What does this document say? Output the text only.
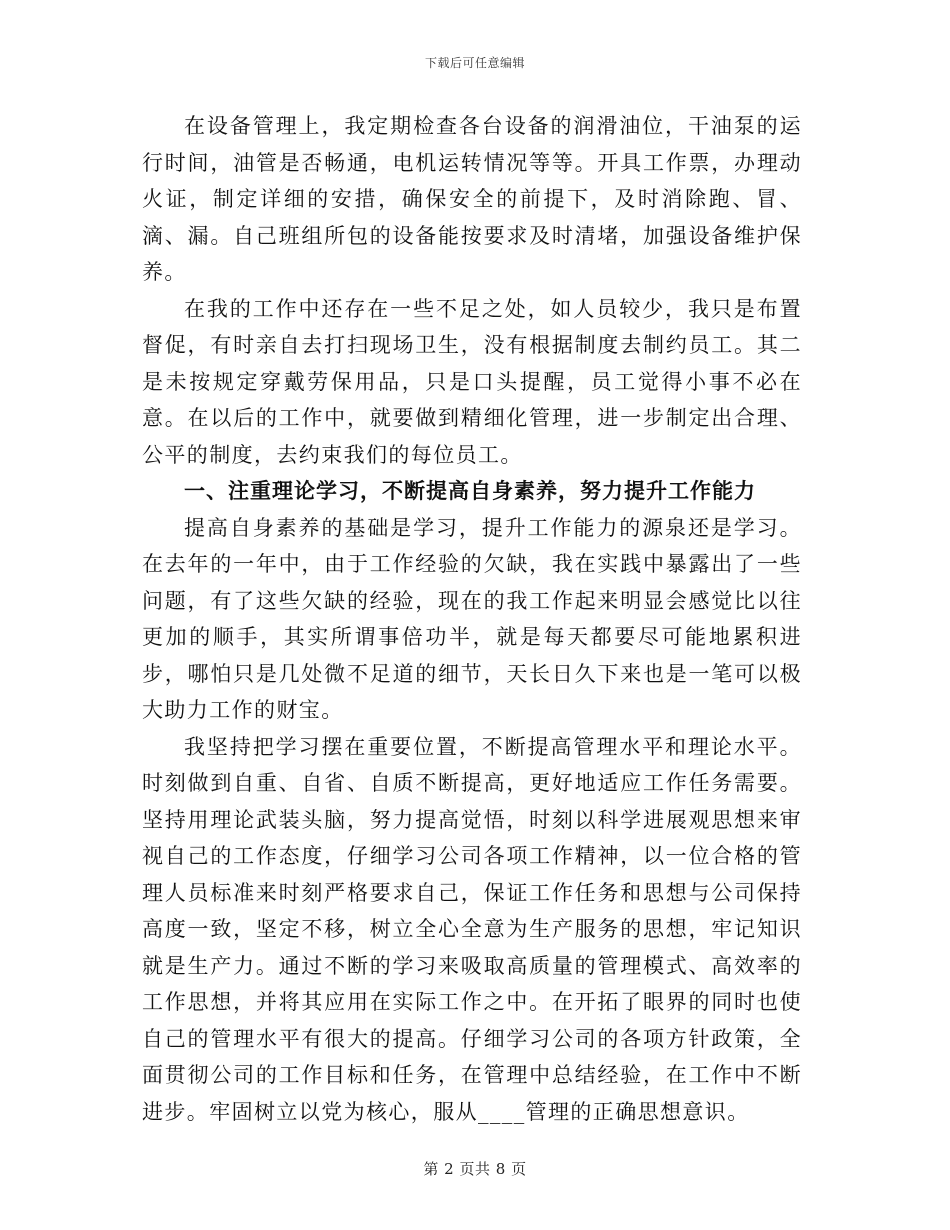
下载后可任意编辑

在设备管理上，我定期检查各台设备的润滑油位，干油泵的运行时间，油管是否畅通，电机运转情况等等。开具工作票，办理动火证，制定详细的安措，确保安全的前提下，及时消除跑、冒、滴、漏。自己班组所包的设备能按要求及时清堵，加强设备维护保养。

在我的工作中还存在一些不足之处，如人员较少，我只是布置督促，有时亲自去打扫现场卫生，没有根据制度去制约员工。其二是未按规定穿戴劳保用品，只是口头提醒，员工觉得小事不必在意。在以后的工作中，就要做到精细化管理，进一步制定出合理、公平的制度，去约束我们的每位员工。

一、注重理论学习，不断提高自身素养，努力提升工作能力

提高自身素养的基础是学习，提升工作能力的源泉还是学习。在去年的一年中，由于工作经验的欠缺，我在实践中暴露出了一些问题，有了这些欠缺的经验，现在的我工作起来明显会感觉比以往更加的顺手，其实所谓事倍功半，就是每天都要尽可能地累积进步，哪怕只是几处微不足道的细节，天长日久下来也是一笔可以极大助力工作的财宝。

我坚持把学习摆在重要位置，不断提高管理水平和理论水平。时刻做到自重、自省、自质不断提高，更好地适应工作任务需要。坚持用理论武装头脑，努力提高觉悟，时刻以科学进展观思想来审视自己的工作态度，仔细学习公司各项工作精神，以一位合格的管理人员标准来时刻严格要求自己，保证工作任务和思想与公司保持高度一致，坚定不移，树立全心全意为生产服务的思想，牢记知识就是生产力。通过不断的学习来吸取高质量的管理模式、高效率的工作思想，并将其应用在实际工作之中。在开拓了眼界的同时也使自己的管理水平有很大的提高。仔细学习公司的各项方针政策，全面贯彻公司的工作目标和任务，在管理中总结经验，在工作中不断进步。牢固树立以党为核心，服从____管理的正确思想意识。

第 2 页共 8 页
